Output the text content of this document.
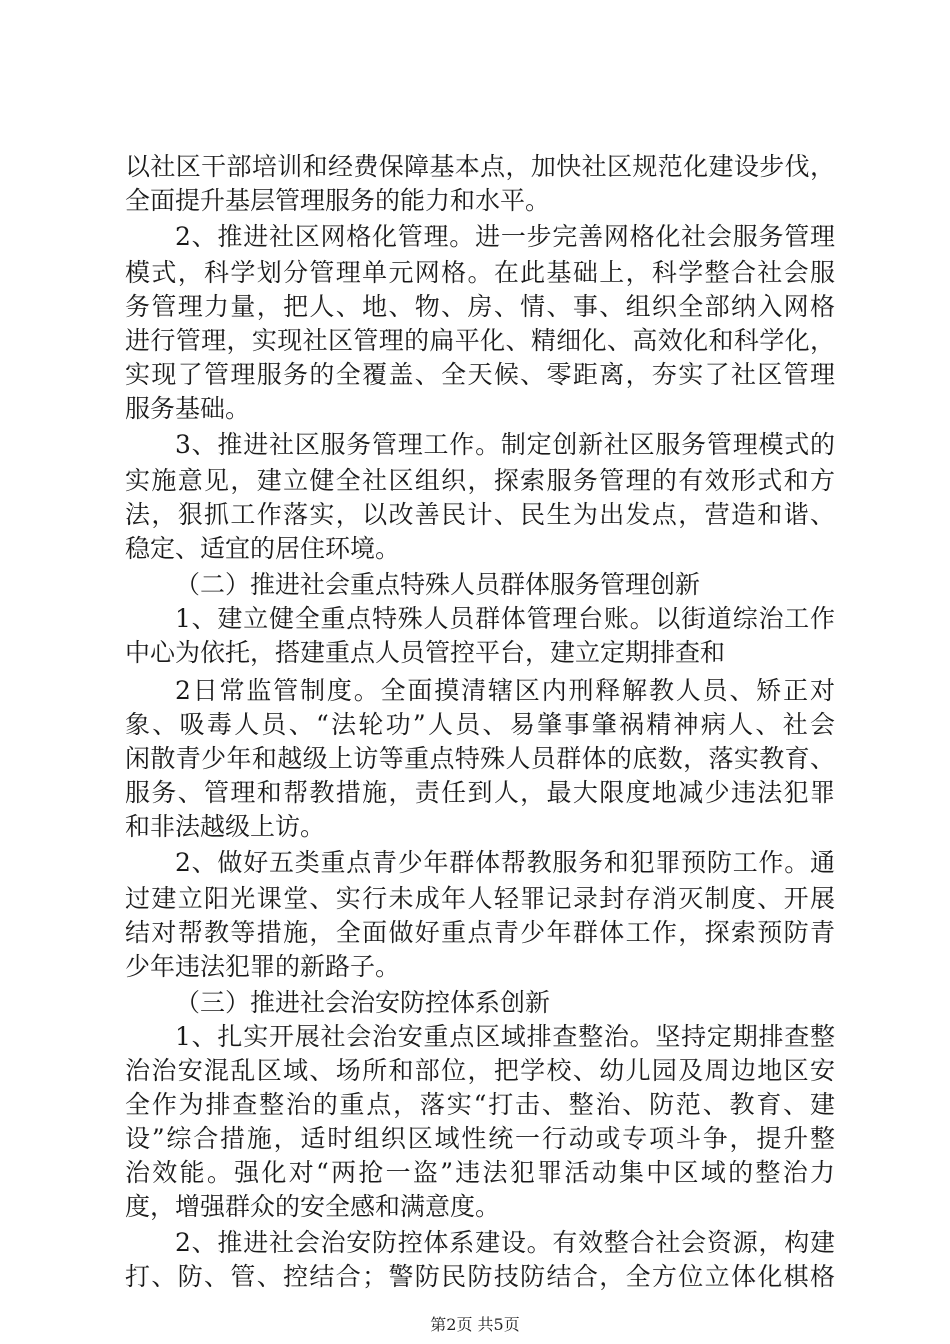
以社区干部培训和经费保障基本点，加快社区规范化建设步伐，
全面提升基层管理服务的能力和水平。
2、推进社区网格化管理。进一步完善网格化社会服务管理
模式，科学划分管理单元网格。在此基础上，科学整合社会服
务管理力量，把人、地、物、房、情、事、组织全部纳入网格
进行管理，实现社区管理的扁平化、精细化、高效化和科学化，
实现了管理服务的全覆盖、全天候、零距离，夯实了社区管理
服务基础。
3、推进社区服务管理工作。制定创新社区服务管理模式的
实施意见，建立健全社区组织，探索服务管理的有效形式和方
法，狠抓工作落实，以改善民计、民生为出发点，营造和谐、
稳定、适宜的居住环境。
（二）推进社会重点特殊人员群体服务管理创新
1、建立健全重点特殊人员群体管理台账。以街道综治工作
中心为依托，搭建重点人员管控平台，建立定期排查和
2日常监管制度。全面摸清辖区内刑释解教人员、矫正对
象、吸毒人员、“法轮功”人员、易肇事肇祸精神病人、社会
闲散青少年和越级上访等重点特殊人员群体的底数，落实教育、
服务、管理和帮教措施，责任到人，最大限度地减少违法犯罪
和非法越级上访。
2、做好五类重点青少年群体帮教服务和犯罪预防工作。通
过建立阳光课堂、实行未成年人轻罪记录封存消灭制度、开展
结对帮教等措施，全面做好重点青少年群体工作，探索预防青
少年违法犯罪的新路子。
（三）推进社会治安防控体系创新
1、扎实开展社会治安重点区域排查整治。坚持定期排查整
治治安混乱区域、场所和部位，把学校、幼儿园及周边地区安
全作为排查整治的重点，落实“打击、整治、防范、教育、建
设”综合措施，适时组织区域性统一行动或专项斗争，提升整
治效能。强化对“两抢一盗”违法犯罪活动集中区域的整治力
度，增强群众的安全感和满意度。
2、推进社会治安防控体系建设。有效整合社会资源，构建
打、防、管、控结合；警防民防技防结合，全方位立体化棋格
第2页 共5页
